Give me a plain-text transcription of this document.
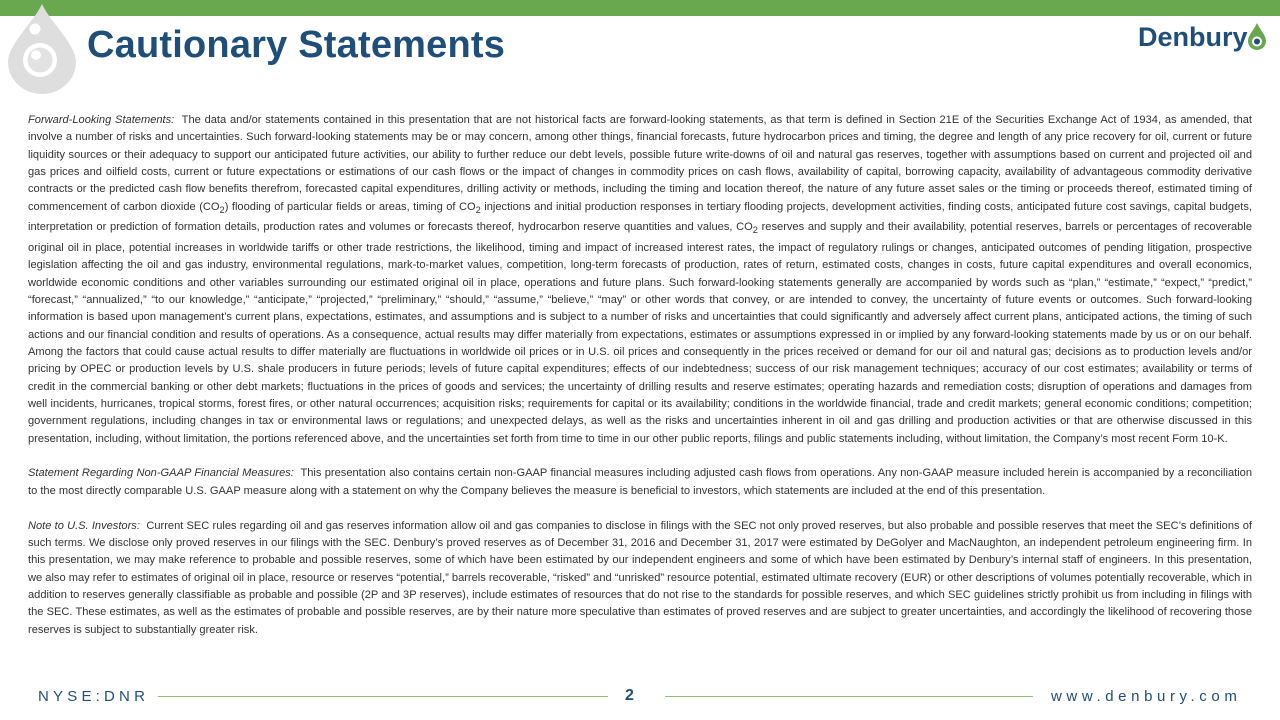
Cautionary Statements	Denbury

Forward-Looking Statements: The data and/or statements contained in this presentation that are not historical facts are forward-looking statements, as that term is defined in Section 21E of the Securities Exchange Act of 1934, as amended, that involve a number of risks and uncertainties. Such forward-looking statements may be or may concern, among other things, financial forecasts, future hydrocarbon prices and timing, the degree and length of any price recovery for oil, current or future liquidity sources or their adequacy to support our anticipated future activities, our ability to further reduce our debt levels, possible future write-downs of oil and natural gas reserves, together with assumptions based on current and projected oil and gas prices and oilfield costs, current or future expectations or estimations of our cash flows or the impact of changes in commodity prices on cash flows, availability of capital, borrowing capacity, availability of advantageous commodity derivative contracts or the predicted cash flow benefits therefrom, forecasted capital expenditures, drilling activity or methods, including the timing and location thereof, the nature of any future asset sales or the timing or proceeds thereof, estimated timing of commencement of carbon dioxide $(CO_2)$ flooding of particular fields or areas, timing of $CO_2$ injections and initial production responses in tertiary flooding projects, development activities, finding costs, anticipated future cost savings, capital budgets, interpretation or prediction of formation details, production rates and volumes or forecasts thereof, hydrocarbon reserve quantities and values, $CO_2$ reserves and supply and their availability, potential reserves, barrels or percentages of recoverable original oil in place, potential increases in worldwide tariffs or other trade restrictions, the likelihood, timing and impact of increased interest rates, the impact of regulatory rulings or changes, anticipated outcomes of pending litigation, prospective legislation affecting the oil and gas industry, environmental regulations, mark-to-market values, competition, long-term forecasts of production, rates of return, estimated costs, changes in costs, future capital expenditures and overall economics, worldwide economic conditions and other variables surrounding our estimated original oil in place, operations and future plans. Such forward-looking statements generally are accompanied by words such as “plan,” “estimate,” “expect,” “predict,” “forecast,” “annualized,” “to our knowledge,” “anticipate,” “projected,” “preliminary,” “should,” “assume,” “believe,” “may” or other words that convey, or are intended to convey, the uncertainty of future events or outcomes. Such forward-looking information is based upon management’s current plans, expectations, estimates, and assumptions and is subject to a number of risks and uncertainties that could significantly and adversely affect current plans, anticipated actions, the timing of such actions and our financial condition and results of operations. As a consequence, actual results may differ materially from expectations, estimates or assumptions expressed in or implied by any forward-looking statements made by us or on our behalf. Among the factors that could cause actual results to differ materially are fluctuations in worldwide oil prices or in U.S. oil prices and consequently in the prices received or demand for our oil and natural gas; decisions as to production levels and/or pricing by OPEC or production levels by U.S. shale producers in future periods; levels of future capital expenditures; effects of our indebtedness; success of our risk management techniques; accuracy of our cost estimates; availability or terms of credit in the commercial banking or other debt markets; fluctuations in the prices of goods and services; the uncertainty of drilling results and reserve estimates; operating hazards and remediation costs; disruption of operations and damages from well incidents, hurricanes, tropical storms, forest fires, or other natural occurrences; acquisition risks; requirements for capital or its availability; conditions in the worldwide financial, trade and credit markets; general economic conditions; competition; government regulations, including changes in tax or environmental laws or regulations; and unexpected delays, as well as the risks and uncertainties inherent in oil and gas drilling and production activities or that are otherwise discussed in this presentation, including, without limitation, the portions referenced above, and the uncertainties set forth from time to time in our other public reports, filings and public statements including, without limitation, the Company’s most recent Form 10-K.

Statement Regarding Non-GAAP Financial Measures: This presentation also contains certain non-GAAP financial measures including adjusted cash flows from operations. Any non-GAAP measure included herein is accompanied by a reconciliation to the most directly comparable U.S. GAAP measure along with a statement on why the Company believes the measure is beneficial to investors, which statements are included at the end of this presentation.

Note to U.S. Investors: Current SEC rules regarding oil and gas reserves information allow oil and gas companies to disclose in filings with the SEC not only proved reserves, but also probable and possible reserves that meet the SEC’s definitions of such terms. We disclose only proved reserves in our filings with the SEC. Denbury’s proved reserves as of December 31, 2016 and December 31, 2017 were estimated by DeGolyer and MacNaughton, an independent petroleum engineering firm. In this presentation, we may make reference to probable and possible reserves, some of which have been estimated by our independent engineers and some of which have been estimated by Denbury’s internal staff of engineers. In this presentation, we also may refer to estimates of original oil in place, resource or reserves “potential,” barrels recoverable, “risked” and “unrisked” resource potential, estimated ultimate recovery (EUR) or other descriptions of volumes potentially recoverable, which in addition to reserves generally classifiable as probable and possible (2P and 3P reserves), include estimates of resources that do not rise to the standards for possible reserves, and which SEC guidelines strictly prohibit us from including in filings with the SEC. These estimates, as well as the estimates of probable and possible reserves, are by their nature more speculative than estimates of proved reserves and are subject to greater uncertainties, and accordingly the likelihood of recovering those reserves is subject to substantially greater risk.

NYSE:DNR	2	www.denbury.com
